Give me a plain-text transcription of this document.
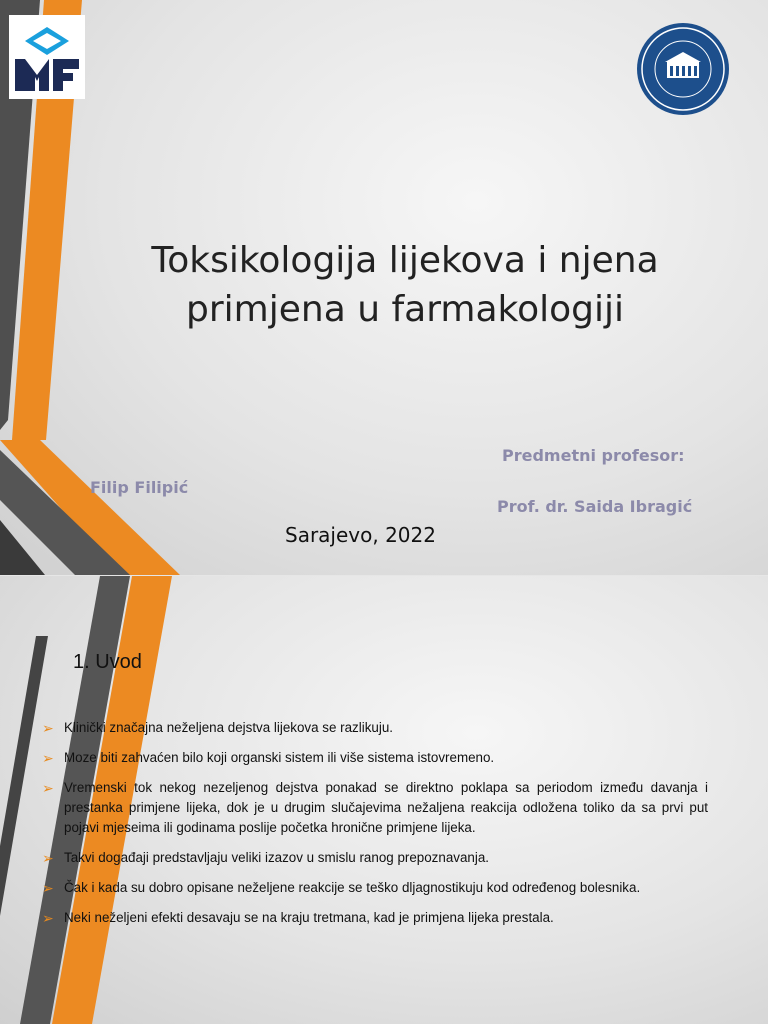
Toksikologija lijekova i njena
primjena u farmakologiji

Filip Filipić

Predmetni profesor:

Prof. dr. Saida Ibragić

Sarajevo, 2022

1. Uvod

➢ Klinički značajna neželjena dejstva lijekova se razlikuju.
➢ Moze biti zahvaćen bilo koji organski sistem ili više sistema istovremeno.
➢ Vremenski tok nekog nezeljenog dejstva ponakad se direktno poklapa sa periodom između davanja i prestanka primjene lijeka, dok je u drugim slučajevima nežaljena reakcija odložena toliko da sa prvi put pojavi mjeseima ili godinama poslije početka hronične primjene lijeka.
➢ Takvi događaji predstavljaju veliki izazov u smislu ranog prepoznavanja.
➢ Čak i kada su dobro opisane neželjene reakcije se teško dljagnostikuju kod određenog bolesnika.
➢ Neki neželjeni efekti desavaju se na kraju tretmana, kad je primjena lijeka prestala.
